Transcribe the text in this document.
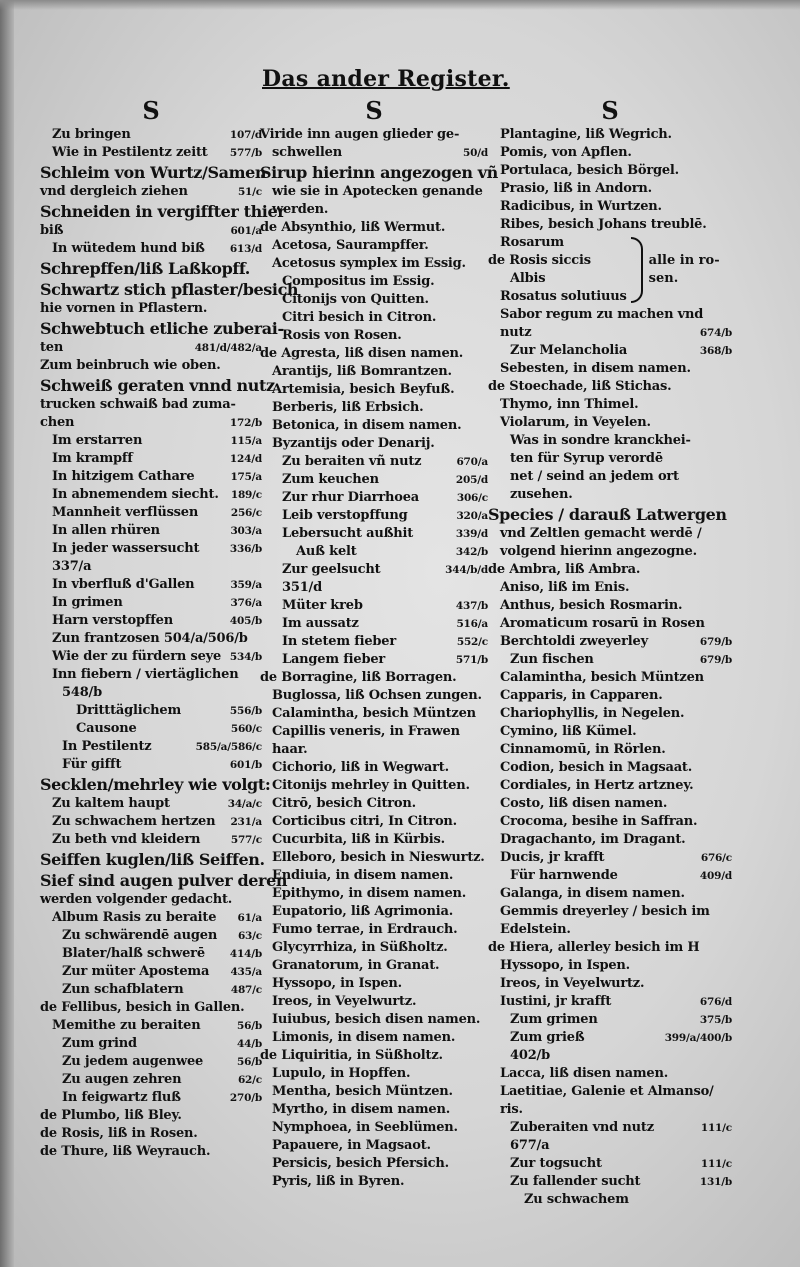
Das ander Register.
S
Zu bringen	107/d
Wie in Pestilentz zeitt	577/b
Schleim von Wurtz/Samen
vnd dergleich ziehen	51/c
Schneiden in vergiffter thier
biß	601/a
In wütedem hund biß	613/d
Schrepffen/liß Laßkopff.
Schwartz stich pflaster/besich
hie vornen in Pflastern.
Schwebtuch etliche zuberai-
ten	481/d/482/a
Zum beinbruch wie oben.
Schweiß geraten vnnd nutz
trucken schwaiß bad zuma-
chen	172/b
Im erstarren	115/a
Im krampff	124/d
In hitzigem Cathare	175/a
In abnemendem siecht.	189/c
Mannheit verflüssen	256/c
In allen rhüren	303/a
In jeder wassersucht	336/b
337/a
In vberfluß d'Gallen	359/a
In grimen	376/a
Harn verstopffen	405/b
Zun frantzosen 504/a/506/b
Wie der zu fürdern seye 534/b
Inn fiebern / viertäglichen
548/b
Dritttäglichem	556/b
Causone	560/c
In Pestilentz	585/a/586/c
Für gifft	601/b
Secklen/mehrley wie volgt:
Zu kaltem haupt	34/a/c
Zu schwachem hertzen	231/a
Zu beth vnd kleidern	577/c
Seiffen kuglen/liß Seiffen.
Sief sind augen pulver deren
werden volgender gedacht.
Album Rasis zu beraite	61/a
Zu schwärendē augen	63/c
Blater/halß schwerē	414/b
Zur müter Apostema	435/a
Zun schafblatern	487/c
de Fellibus, besich in Gallen.
Memithe zu beraiten	56/b
Zum grind	44/b
Zu jedem augenwee	56/b
Zu augen zehren	62/c
In feigwartz fluß	270/b
de Plumbo, liß Bley.
de Rosis, liß in Rosen.
de Thure, liß Weyrauch.
S
Viride inn augen glieder ge-
schwellen	50/d
Sirup hierinn angezogen vñ
wie sie in Apotecken genande
werden.
de Absynthio, liß Wermut.
Acetosa, Saurampffer.
Acetosus symplex im Essig.
Compositus im Essig.
Citonijs von Quitten.
Citri besich in Citron.
Rosis von Rosen.
de Agresta, liß disen namen.
Arantijs, liß Bomrantzen.
Artemisia, besich Beyfuß.
Berberis, liß Erbsich.
Betonica, in disem namen.
Byzantijs oder Denarij.
Zu beraiten vñ nutz	670/a
Zum keuchen	205/d
Zur rhur Diarrhoea	306/c
Leib verstopffung	320/a
Lebersucht außhit	339/d
Auß kelt	342/b
Zur geelsucht	344/b/d
351/d
Müter kreb	437/b
Im aussatz	516/a
In stetem fieber	552/c
Langem fieber	571/b
de Borragine, liß Borragen.
Buglossa, liß Ochsen zungen.
Calamintha, besich Müntzen
Capillis veneris, in Frawen
haar.
Cichorio, liß in Wegwart.
Citonijs mehrley in Quitten.
Citrō, besich Citron.
Corticibus citri, In Citron.
Cucurbita, liß in Kürbis.
Elleboro, besich in Nieswurtz.
Endiuia, in disem namen.
Epithymo, in disem namen.
Eupatorio, liß Agrimonia.
Fumo terrae, in Erdrauch.
Glycyrrhiza, in Süßholtz.
Granatorum, in Granat.
Hyssopo, in Ispen.
Ireos, in Veyelwurtz.
Iuiubus, besich disen namen.
Limonis, in disem namen.
de Liquiritia, in Süßholtz.
Lupulo, in Hopffen.
Mentha, besich Müntzen.
Myrtho, in disem namen.
Nymphoea, in Seeblümen.
Papauere, in Magsaot.
Persicis, besich Pfersich.
Pyris, liß in Byren.
S
Plantagine, liß Wegrich.
Pomis, von Apflen.
Portulaca, besich Börgel.
Prasio, liß in Andorn.
Radicibus, in Wurtzen.
Ribes, besich Johans treublē.
Rosarum
de Rosis siccis
Albis
Rosatus solutiuus
alle in ro-
sen.
Sabor regum zu machen vnd
nutz	674/b
Zur Melancholia	368/b
Sebesten, in disem namen.
de Stoechade, liß Stichas.
Thymo, inn Thimel.
Violarum, in Veyelen.
Was in sondre kranckhei-
ten für Syrup verordē
net / seind an jedem ort
zusehen.
Species / darauß Latwergen
vnd Zeltlen gemacht werdē /
volgend hierinn angezogne.
de Ambra, liß Ambra.
Aniso, liß im Enis.
Anthus, besich Rosmarin.
Aromaticum rosarū in Rosen
Berchtoldi zweyerley	679/b
Zun fischen	679/b
Calamintha, besich Müntzen
Capparis, in Capparen.
Chariophyllis, in Negelen.
Cymino, liß Kümel.
Cinnamomū, in Rörlen.
Codion, besich in Magsaat.
Cordiales, in Hertz artzney.
Costo, liß disen namen.
Crocoma, besihe in Saffran.
Dragachanto, im Dragant.
Ducis, jr krafft	676/c
Für harnwende	409/d
Galanga, in disem namen.
Gemmis dreyerley / besich im
Edelstein.
de Hiera, allerley besich im H
Hyssopo, in Ispen.
Ireos, in Veyelwurtz.
Iustini, jr krafft	676/d
Zum grimen	375/b
Zum grieß	399/a/400/b
402/b
Lacca, liß disen namen.
Laetitiae, Galenie et Almanso/
ris.
Zuberaiten vnd nutz	111/c
677/a
Zur togsucht	111/c
Zu fallender sucht	131/b
Zu schwachem
